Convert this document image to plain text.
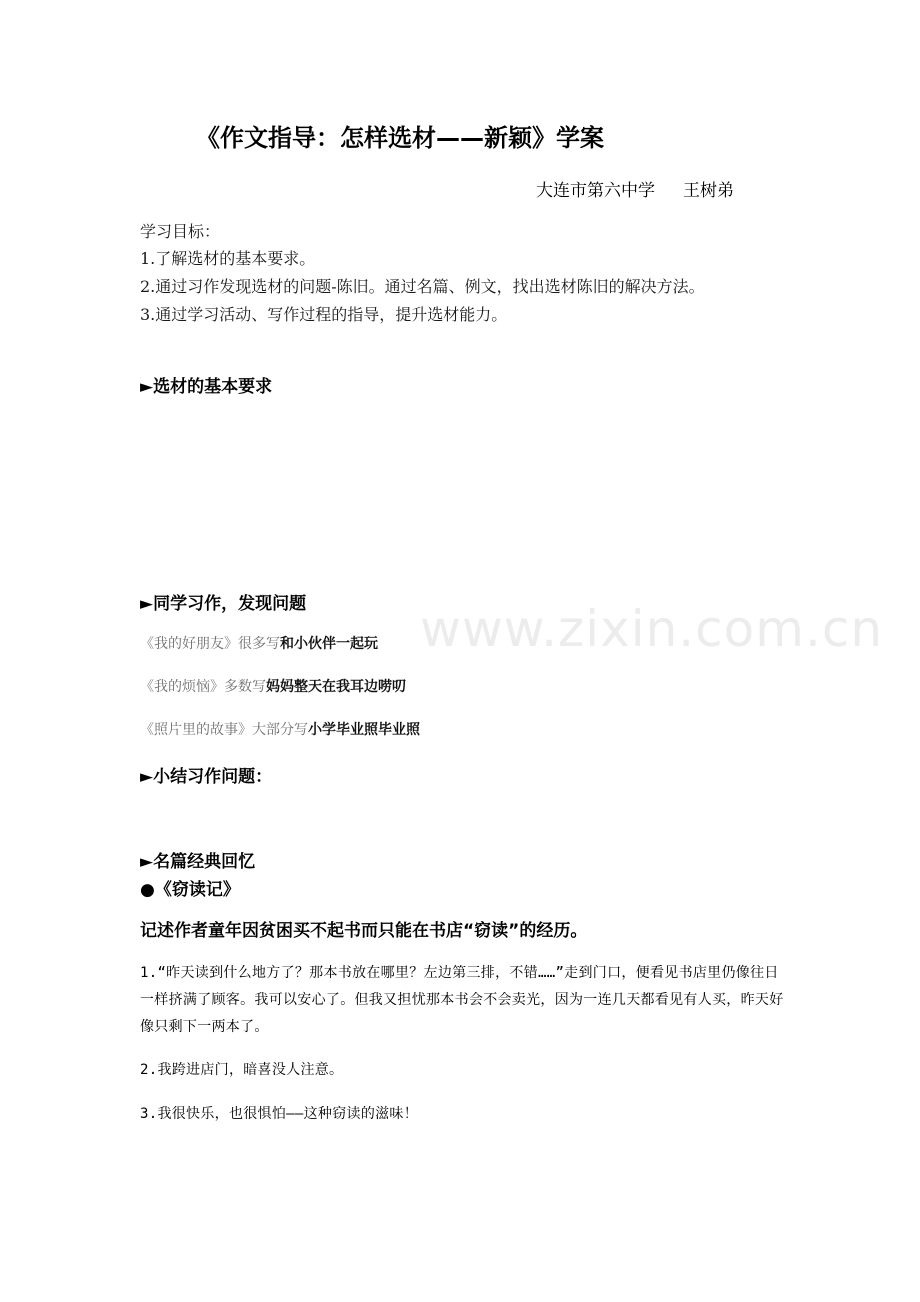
www.zixin.com.cn
《作文指导：怎样选材——新颖》学案
大连市第六中学 王树弟
学习目标：
1.了解选材的基本要求。
2.通过习作发现选材的问题-陈旧。通过名篇、例文，找出选材陈旧的解决方法。
3.通过学习活动、写作过程的指导，提升选材能力。
►选材的基本要求
►同学习作，发现问题
《我的好朋友》很多写和小伙伴一起玩
《我的烦恼》多数写妈妈整天在我耳边唠叨
《照片里的故事》大部分写小学毕业照毕业照
►小结习作问题：
►名篇经典回忆
●《窃读记》
记述作者童年因贫困买不起书而只能在书店“窃读”的经历。
1.“昨天读到什么地方了？那本书放在哪里？左边第三排，不错……”走到门口，便看见书店里仍像往日一样挤满了顾客。我可以安心了。但我又担忧那本书会不会卖光，因为一连几天都看见有人买，昨天好像只剩下一两本了。
2.我跨进店门，暗喜没人注意。
3.我很快乐，也很惧怕——这种窃读的滋味！
